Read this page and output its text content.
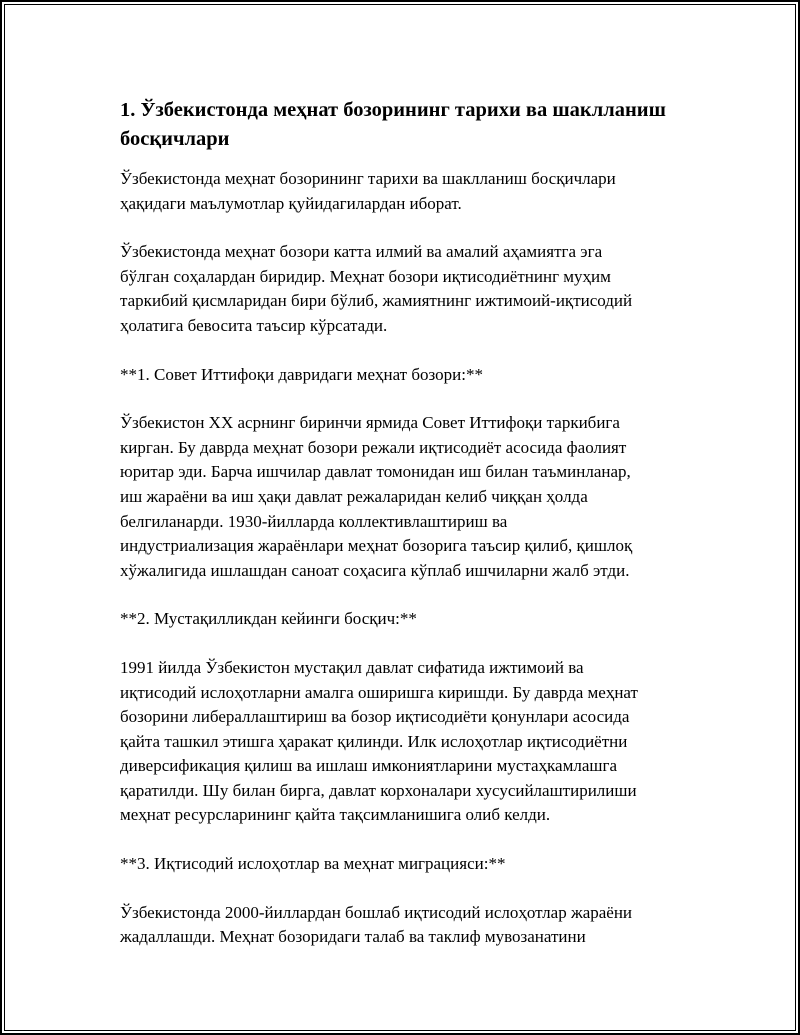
1. Ўзбекистонда меҳнат бозорининг тарихи ва шаклланиш
босқичлари

Ўзбекистонда меҳнат бозорининг тарихи ва шаклланиш босқичлари
ҳақидаги маълумотлар қуйидагилардан иборат.

Ўзбекистонда меҳнат бозори катта илмий ва амалий аҳамиятга эга
бўлган соҳалардан биридир. Меҳнат бозори иқтисодиётнинг муҳим
таркибий қисмларидан бири бўлиб, жамиятнинг ижтимоий-иқтисодий
ҳолатига бевосита таъсир кўрсатади.

**1. Совет Иттифоқи давридаги меҳнат бозори:**

Ўзбекистон XX асрнинг биринчи ярмида Совет Иттифоқи таркибига
кирган. Бу даврда меҳнат бозори режали иқтисодиёт асосида фаолият
юритар эди. Барча ишчилар давлат томонидан иш билан таъминланар,
иш жараёни ва иш ҳақи давлат режаларидан келиб чиққан ҳолда
белгиланарди. 1930-йилларда коллективлаштириш ва
индустриализация жараёнлари меҳнат бозорига таъсир қилиб, қишлоқ
хўжалигида ишлашдан саноат соҳасига кўплаб ишчиларни жалб этди.

**2. Мустақилликдан кейинги босқич:**

1991 йилда Ўзбекистон мустақил давлат сифатида ижтимоий ва
иқтисодий ислоҳотларни амалга оширишга киришди. Бу даврда меҳнат
бозорини либераллаштириш ва бозор иқтисодиёти қонунлари асосида
қайта ташкил этишга ҳаракат қилинди. Илк ислоҳотлар иқтисодиётни
диверсификация қилиш ва ишлаш имкониятларини мустаҳкамлашга
қаратилди. Шу билан бирга, давлат корхоналари хусусийлаштирилиши
меҳнат ресурсларининг қайта тақсимланишига олиб келди.

**3. Иқтисодий ислоҳотлар ва меҳнат миграцияси:**

Ўзбекистонда 2000-йиллардан бошлаб иқтисодий ислоҳотлар жараёни
жадаллашди. Меҳнат бозоридаги талаб ва таклиф мувозанатини
